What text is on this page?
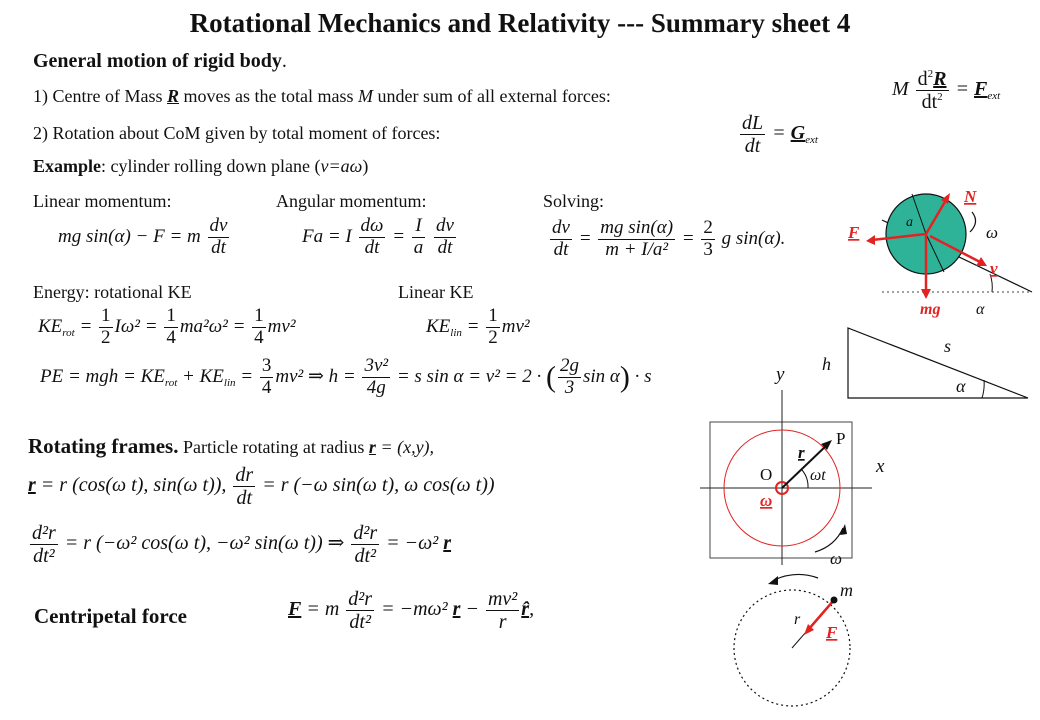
Rotational Mechanics and Relativity --- Summary sheet 4
General motion of rigid body.
1) Centre of Mass R moves as the total mass M under sum of all external forces:	M $\frac{d^2R}{dt^2} = F_{ext}$
2) Rotation about CoM given by total moment of forces:	$\frac{dL}{dt} = G_{ext}$
Example: cylinder rolling down plane (v=aω)
Linear momentum:	Angular momentum:	Solving:
mg sin(α) − F = m $\frac{dv}{dt}$	Fa = I $\frac{d\omega}{dt} = \frac{I}{a}$
$\frac{dv}{dt}$	$\frac{dv}{dt} = \frac{\text{mg sin(α)}}{\text{m + I/a²}} = \frac{2}{3}$ g sin(α).
Energy: rotational KE	Linear KE
$KE_{rot} = \frac{1}{2} I\omega^2 = \frac{1}{4} ma^2\omega^2 = \frac{1}{4} mv^2$	$KE_{lin} = \frac{1}{2} mv^2$
PE = mgh = $KE_{rot} + KE_{lin} = \frac{3}{4} mv^2$ ⇒ $h = \frac{\text{3v²}}{4g} = s$ sin α = v² = 2 · ( $\frac{2g}{3}$ sin α) · s
Rotating frames. Particle rotating at radius r = (x,y),
r = r (cos(ω t), sin(ω t)), $\frac{dr}{dt} = r$ (−ω sin(ω t), ω cos(ω t))
$\frac{\text{d²r}}{\text{dt²}} = r$ (−ω² cos(ω t), −ω² sin(ω t)) ⇒ $\frac{\text{d²r}}{\text{dt²}} = -\omega^2$ r
Centripetal force	F = m $\frac{\text{d²r}}{\text{dt²}} = -m\omega^2$ $r - \frac{\text{mv²}}{r}$ r̂,
N
F	ω
v
a
mg α
h
s
α
y
x
P
O
r
ωt
ω
ω
m
r
F
